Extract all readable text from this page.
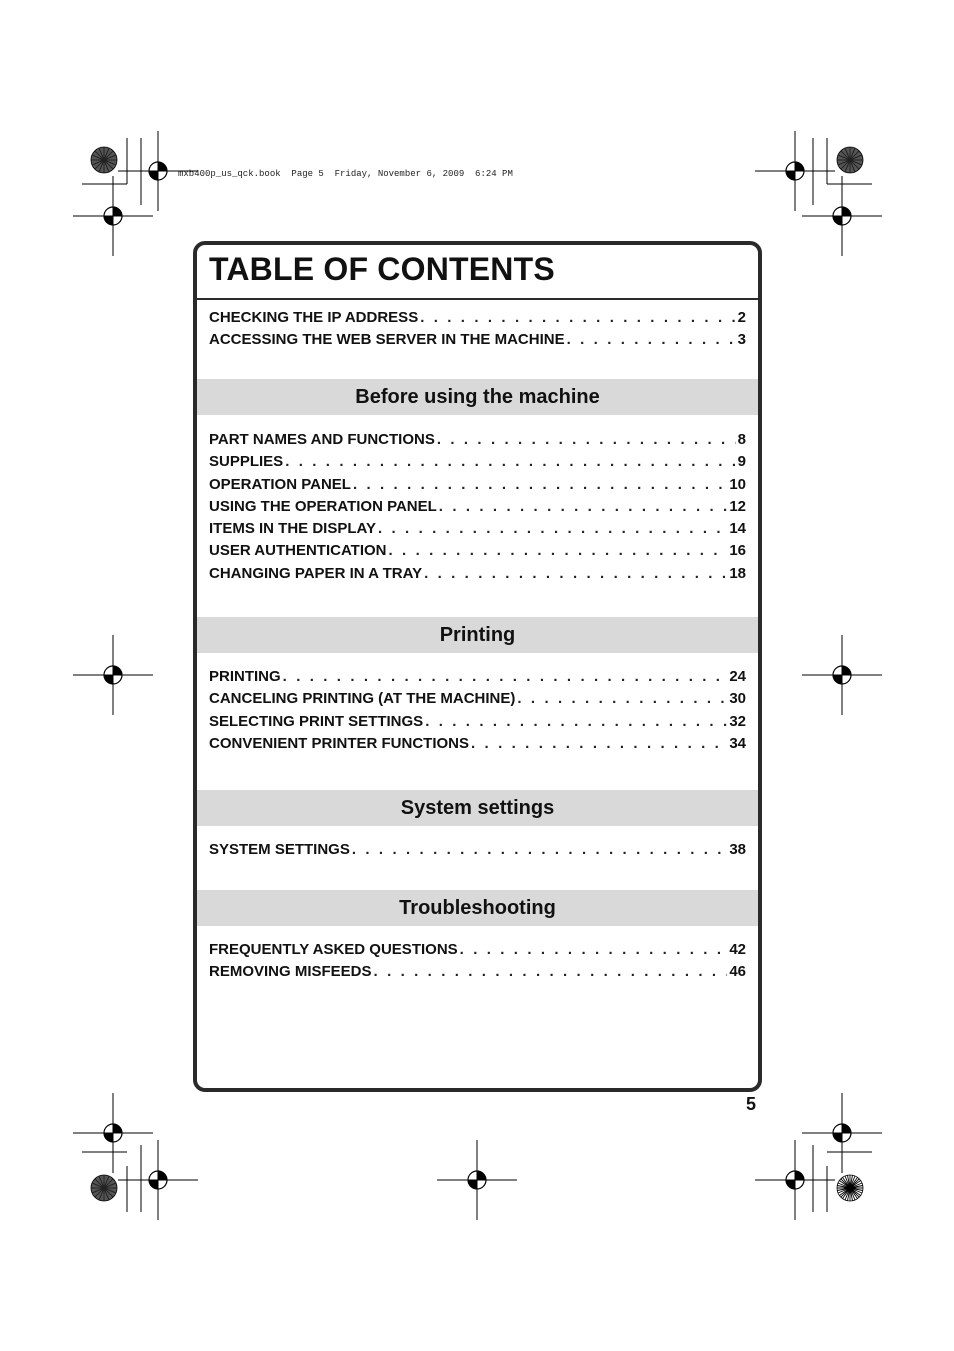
mxb400p_us_qck.book  Page 5  Friday, November 6, 2009  6:24 PM
TABLE OF CONTENTS
CHECKING THE IP ADDRESS . . .	2
ACCESSING THE WEB SERVER IN THE MACHINE . . .	3
Before using the machine
PART NAMES AND FUNCTIONS . . .	8
SUPPLIES . . .	9
OPERATION PANEL . . .	10
USING THE OPERATION PANEL . . .	12
ITEMS IN THE DISPLAY . . .	14
USER AUTHENTICATION . . .	16
CHANGING PAPER IN A TRAY . . .	18
Printing
PRINTING . . .	24
CANCELING PRINTING (AT THE MACHINE) . . .	30
SELECTING PRINT SETTINGS . . .	32
CONVENIENT PRINTER FUNCTIONS . . .	34
System settings
SYSTEM SETTINGS . . .	38
Troubleshooting
FREQUENTLY ASKED QUESTIONS . . .	42
REMOVING MISFEEDS . . .	46
5
